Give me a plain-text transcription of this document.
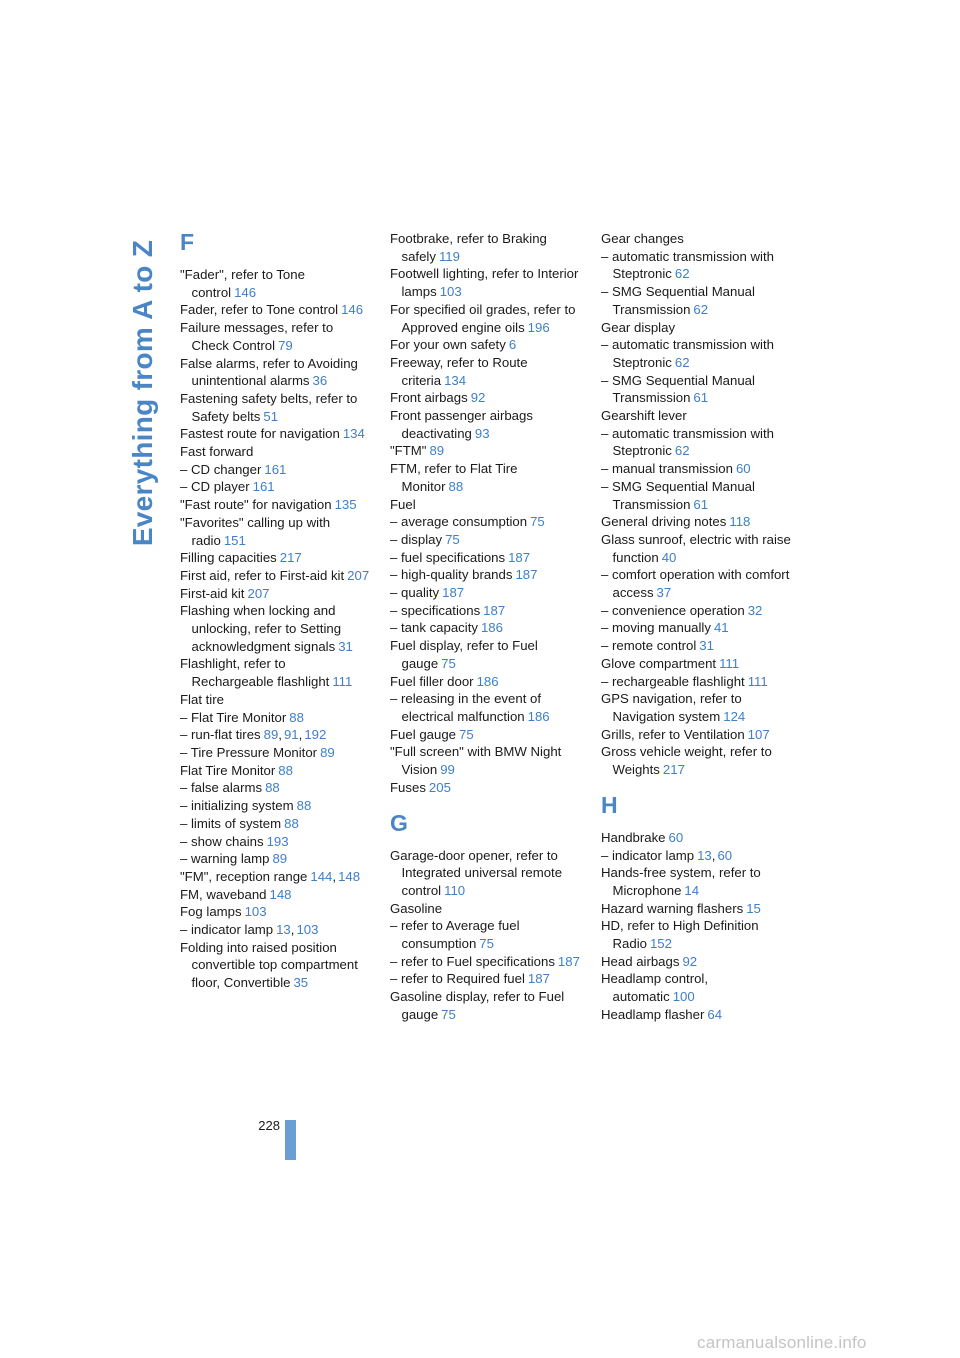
Everything from A to Z F
"Fader", refer to Tone control 146
Fader, refer to Tone control 146
Failure messages, refer to Check Control 79
False alarms, refer to Avoiding unintentional alarms 36
Fastening safety belts, refer to Safety belts 51
Fastest route for navigation 134
Fast forward
– CD changer 161
– CD player 161
"Fast route" for navigation 135
"Favorites" calling up with radio 151
Filling capacities 217
First aid, refer to First-aid kit 207
First-aid kit 207
Flashing when locking and unlocking, refer to Setting acknowledgment signals 31
Flashlight, refer to Rechargeable flashlight 111
Flat tire
– Flat Tire Monitor 88
– run-flat tires 89, 91, 192
– Tire Pressure Monitor 89
Flat Tire Monitor 88
– false alarms 88
– initializing system 88
– limits of system 88
– show chains 193
– warning lamp 89
"FM", reception range 144, 148
FM, waveband 148
Fog lamps 103
– indicator lamp 13, 103
Folding into raised position convertible top compartment floor, Convertible 35
Footbrake, refer to Braking safely 119
Footwell lighting, refer to Interior lamps 103
For specified oil grades, refer to Approved engine oils 196
For your own safety 6
Freeway, refer to Route criteria 134
Front airbags 92
Front passenger airbags deactivating 93
"FTM" 89
FTM, refer to Flat Tire Monitor 88
Fuel
– average consumption 75
– display 75
– fuel specifications 187
– high-quality brands 187
– quality 187
– specifications 187
– tank capacity 186
Fuel display, refer to Fuel gauge 75
Fuel filler door 186
– releasing in the event of electrical malfunction 186
Fuel gauge 75
"Full screen" with BMW Night Vision 99
Fuses 205
G
Garage-door opener, refer to Integrated universal remote control 110
Gasoline
– refer to Average fuel consumption 75
– refer to Fuel specifications 187
– refer to Required fuel 187
Gasoline display, refer to Fuel gauge 75
Gear changes
– automatic transmission with Steptronic 62
– SMG Sequential Manual Transmission 62
Gear display
– automatic transmission with Steptronic 62
– SMG Sequential Manual Transmission 61
Gearshift lever
– automatic transmission with Steptronic 62
– manual transmission 60
– SMG Sequential Manual Transmission 61
General driving notes 118
Glass sunroof, electric with raise function 40
– comfort operation with comfort access 37
– convenience operation 32
– moving manually 41
– remote control 31
Glove compartment 111
– rechargeable flashlight 111
GPS navigation, refer to Navigation system 124
Grills, refer to Ventilation 107
Gross vehicle weight, refer to Weights 217
H
Handbrake 60
– indicator lamp 13, 60
Hands-free system, refer to Microphone 14
Hazard warning flashers 15
HD, refer to High Definition Radio 152
Head airbags 92
Headlamp control, automatic 100
Headlamp flasher 64
228
carmanualsonline.info
